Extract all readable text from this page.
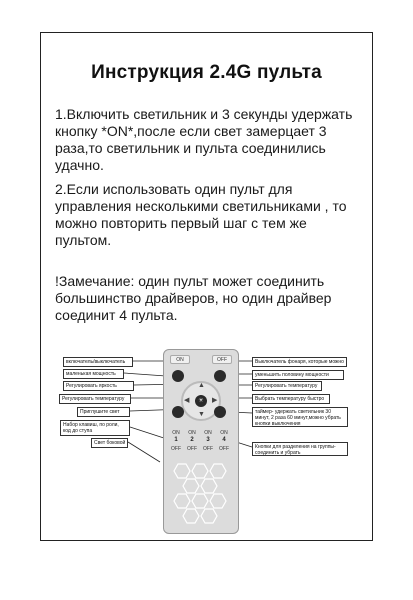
Инструкция 2.4G пульта
1.Включить светильник и 3 секунды удержать кнопку *ON*,после если свет замерцает 3 раза,то светильник и пульта соединились удачно.
2.Если использовать один пульт для управления несколькими светильниками , то можно повторить первый шаг с тем же пультом.
!Замечание: один пульт может соединить большинство драйверов, но один драйвер соединит 4 пульта.
ON	OFF
▲
▼
◀	▶
☀
ON	ON	ON	ON
1	2	3	4
OFF OFF OFF OFF
включатель/выключатель
маленькая мощность
Регулировать яркость
Регулировать температуру
Приглушите свет
Набор клавиш, по роли, код до ступа
Свет боковой
Выключатель фонаря, которые можно
уменьшить половину мощности
Регулировать температуру
Выбрать температуру быстро
таймер- удержать светильник 30 минут, 2 раза 60 минут,можно убрать кнопки выключения
Кнопки для разделения на группы- соединить и убрать
